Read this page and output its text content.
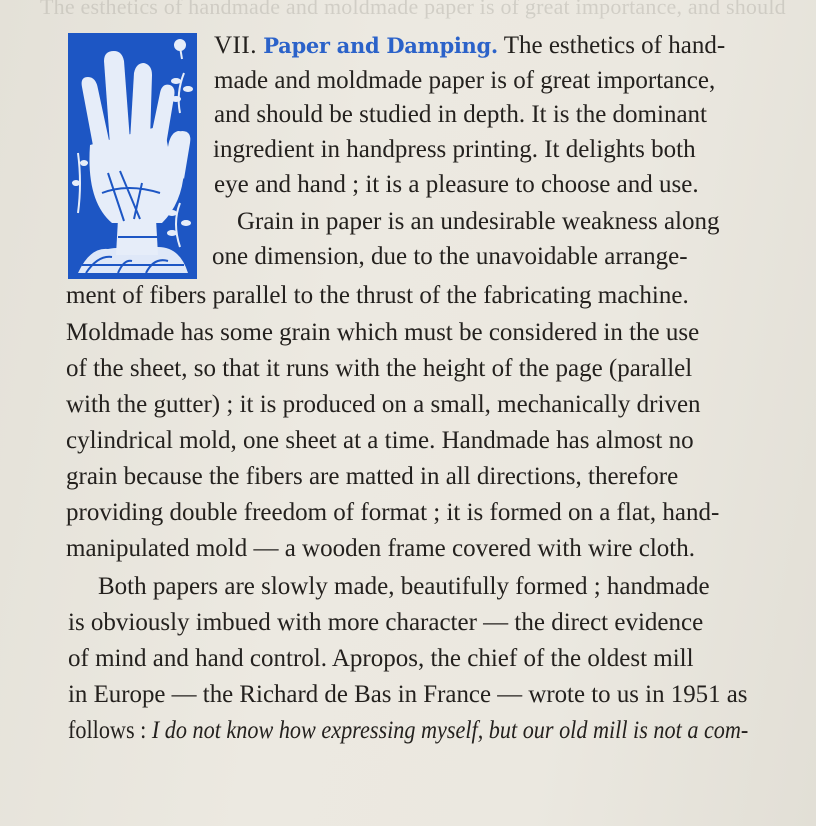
The esthetics of handmade and moldmade paper is of great importance, and should
VII. Paper and Damping. The esthetics of hand-
made and moldmade paper is of great importance,
and should be studied in depth. It is the dominant
ingredient in handpress printing. It delights both
eye and hand ; it is a pleasure to choose and use.
Grain in paper is an undesirable weakness along
one dimension, due to the unavoidable arrange-
ment of fibers parallel to the thrust of the fabricating machine.
Moldmade has some grain which must be considered in the use
of the sheet, so that it runs with the height of the page (parallel
with the gutter) ; it is produced on a small, mechanically driven
cylindrical mold, one sheet at a time. Handmade has almost no
grain because the fibers are matted in all directions, therefore
providing double freedom of format ; it is formed on a flat, hand-
manipulated mold — a wooden frame covered with wire cloth.
Both papers are slowly made, beautifully formed ; handmade
is obviously imbued with more character — the direct evidence
of mind and hand control. Apropos, the chief of the oldest mill
in Europe — the Richard de Bas in France — wrote to us in 1951 as
follows : I do not know how expressing myself, but our old mill is not a com-
